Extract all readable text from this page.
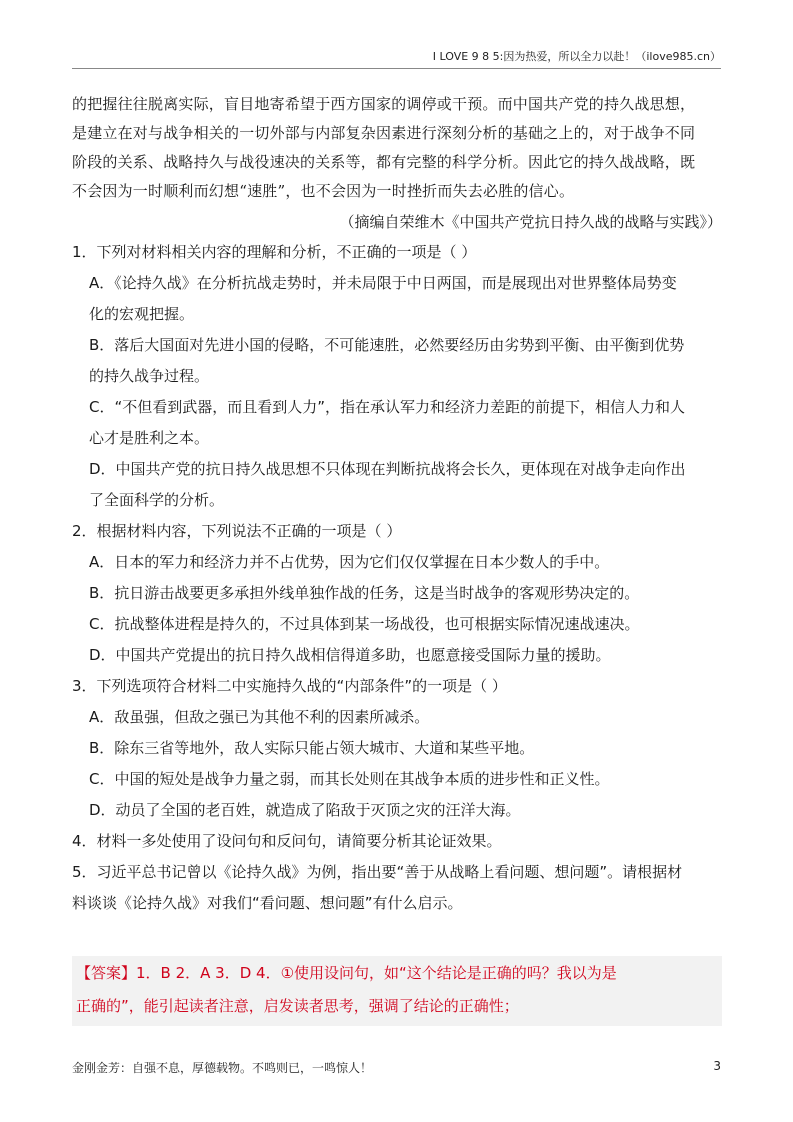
I LOVE 9 8 5:因为热爱，所以全力以赴！（ilove985.cn）

的把握往往脱离实际，盲目地寄希望于西方国家的调停或干预。而中国共产党的持久战思想，

是建立在对与战争相关的一切外部与内部复杂因素进行深刻分析的基础之上的，对于战争不同

阶段的关系、战略持久与战役速决的关系等，都有完整的科学分析。因此它的持久战战略，既

不会因为一时顺利而幻想“速胜”，也不会因为一时挫折而失去必胜的信心。

（摘编自荣维木《中国共产党抗日持久战的战略与实践》）

1．下列对材料相关内容的理解和分析，不正确的一项是（ ）

A．《论持久战》在分析抗战走势时，并未局限于中日两国，而是展现出对世界整体局势变

化的宏观把握。

B．落后大国面对先进小国的侵略，不可能速胜，必然要经历由劣势到平衡、由平衡到优势

的持久战争过程。

C．“不但看到武器，而且看到人力”，指在承认军力和经济力差距的前提下，相信人力和人

心才是胜利之本。

D．中国共产党的抗日持久战思想不只体现在判断抗战将会长久，更体现在对战争走向作出

了全面科学的分析。

2．根据材料内容，下列说法不正确的一项是（ ）

A．日本的军力和经济力并不占优势，因为它们仅仅掌握在日本少数人的手中。

B．抗日游击战要更多承担外线单独作战的任务，这是当时战争的客观形势决定的。

C．抗战整体进程是持久的，不过具体到某一场战役，也可根据实际情况速战速决。

D．中国共产党提出的抗日持久战相信得道多助，也愿意接受国际力量的援助。

3．下列选项符合材料二中实施持久战的“内部条件”的一项是（ ）

A．敌虽强，但敌之强已为其他不利的因素所减杀。

B．除东三省等地外，敌人实际只能占领大城市、大道和某些平地。

C．中国的短处是战争力量之弱，而其长处则在其战争本质的进步性和正义性。

D．动员了全国的老百姓，就造成了陷敌于灭顶之灾的汪洋大海。

4．材料一多处使用了设问句和反问句，请简要分析其论证效果。

5．习近平总书记曾以《论持久战》为例，指出要“善于从战略上看问题、想问题”。请根据材

料谈谈《论持久战》对我们“看问题、想问题”有什么启示。

【答案】1．B 2．A 3．D 4．①使用设问句，如“这个结论是正确的吗？我以为是

正确的”，能引起读者注意，启发读者思考，强调了结论的正确性；

金刚金芳：自强不息，厚德载物。不鸣则已，一鸣惊人！	3
